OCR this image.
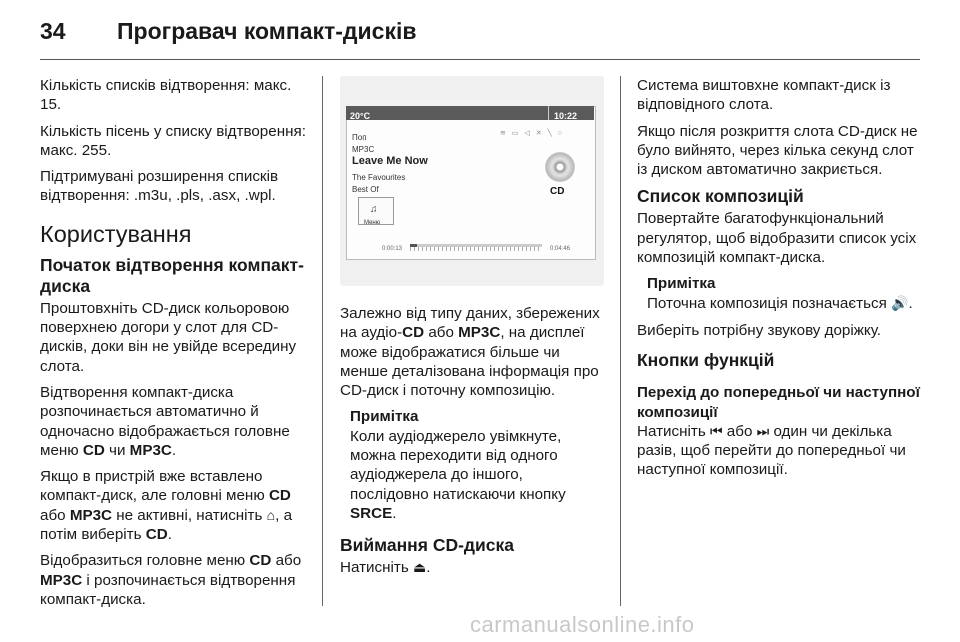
34 Програвач компакт-дисків

Кількість списків відтворення: макс. 15.

Кількість пісень у списку відтворення: макс. 255.

Підтримувані розширення списків відтворення: .m3u, .pls, .asx, .wpl.

Користування
Початок відтворення компакт-диска

Проштовхніть CD-диск кольоровою поверхнею догори у слот для CD-дисків, доки він не увійде всередину слота.

Відтворення компакт-диска розпочинається автоматично й одночасно відображається головне меню CD чи MP3C.

Якщо в пристрій вже вставлено компакт-диск, але головні меню CD або MP3C не активні, натисніть ⌂, а потім виберіть CD.

Відобразиться головне меню CD або MP3C і розпочинається відтворення компакт-диска.

20°C	10:22
≋ ▭ ◁ ✕ ╲ ○
Поп
MP3C
Leave Me Now
The Favourites
Best Of	CD
♫
Меню
0:00:13	0:04:46

Залежно від типу даних, збережених на аудіо-CD або MP3C, на дисплеї може відображатися більше чи менше деталізована інформація про CD-диск і поточну композицію.

Примітка
Коли аудіоджерело увімкнуте, можна переходити від одного аудіоджерела до іншого, послідовно натискаючи кнопку SRCE.
Виймання CD-диска

Натисніть ⏏.

Система виштовхне компакт-диск із відповідного слота.

Якщо після розкриття слота CD-диск не було вийнято, через кілька секунд слот із диском автоматично закриється.

Список композицій

Повертайте багатофункціональний регулятор, щоб відобразити список усіх композицій компакт-диска.

Примітка
Поточна композиція позначається 🔊.

Виберіть потрібну звукову доріжку.

Кнопки функцій
Перехід до попередньої чи наступної композиції

Натисніть ⏮ або ⏭ один чи декілька разів, щоб перейти до попередньої чи наступної композиції.

carmanualsonline.info
